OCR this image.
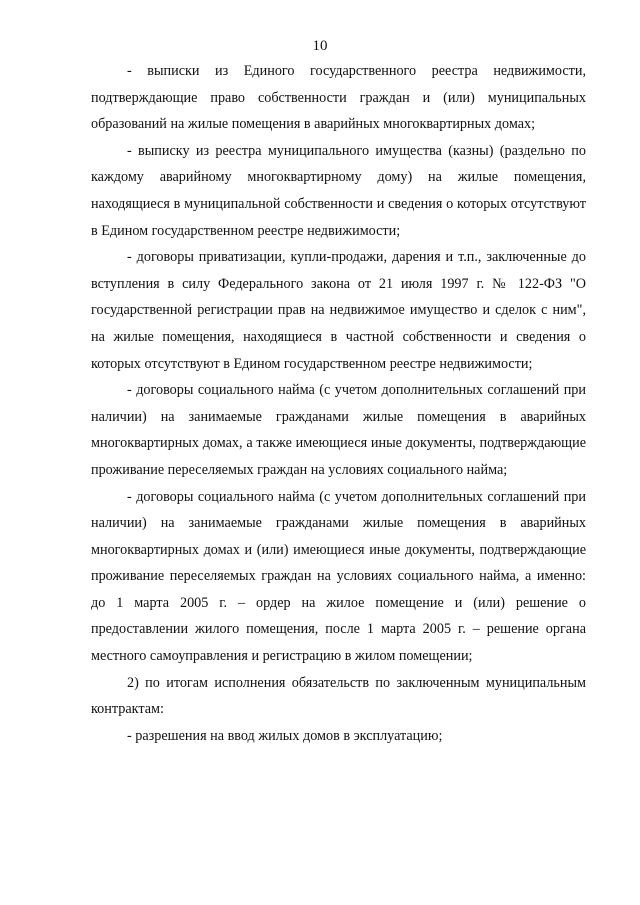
10

- выписки из Единого государственного реестра недвижимости, подтверждающие право собственности граждан и (или) муниципальных образований на жилые помещения в аварийных многоквартирных домах;

- выписку из реестра муниципального имущества (казны) (раздельно по каждому аварийному многоквартирному дому) на жилые помещения, находящиеся в муниципальной собственности и сведения о которых отсутствуют в Едином государственном реестре недвижимости;

- договоры приватизации, купли-продажи, дарения и т.п., заключенные до вступления в силу Федерального закона от 21 июля 1997 г. № 122-ФЗ "О государственной регистрации прав на недвижимое имущество и сделок с ним", на жилые помещения, находящиеся в частной собственности и сведения о которых отсутствуют в Едином государственном реестре недвижимости;

- договоры социального найма (с учетом дополнительных соглашений при наличии) на занимаемые гражданами жилые помещения в аварийных многоквартирных домах, а также имеющиеся иные документы, подтверждающие проживание переселяемых граждан на условиях социального найма;

- договоры социального найма (с учетом дополнительных соглашений при наличии) на занимаемые гражданами жилые помещения в аварийных многоквартирных домах и (или) имеющиеся иные документы, подтверждающие проживание переселяемых граждан на условиях социального найма, а именно: до 1 марта 2005 г. – ордер на жилое помещение и (или) решение о предоставлении жилого помещения, после 1 марта 2005 г. – решение органа местного самоуправления и регистрацию в жилом помещении;

2) по итогам исполнения обязательств по заключенным муниципальным контрактам:

- разрешения на ввод жилых домов в эксплуатацию;
